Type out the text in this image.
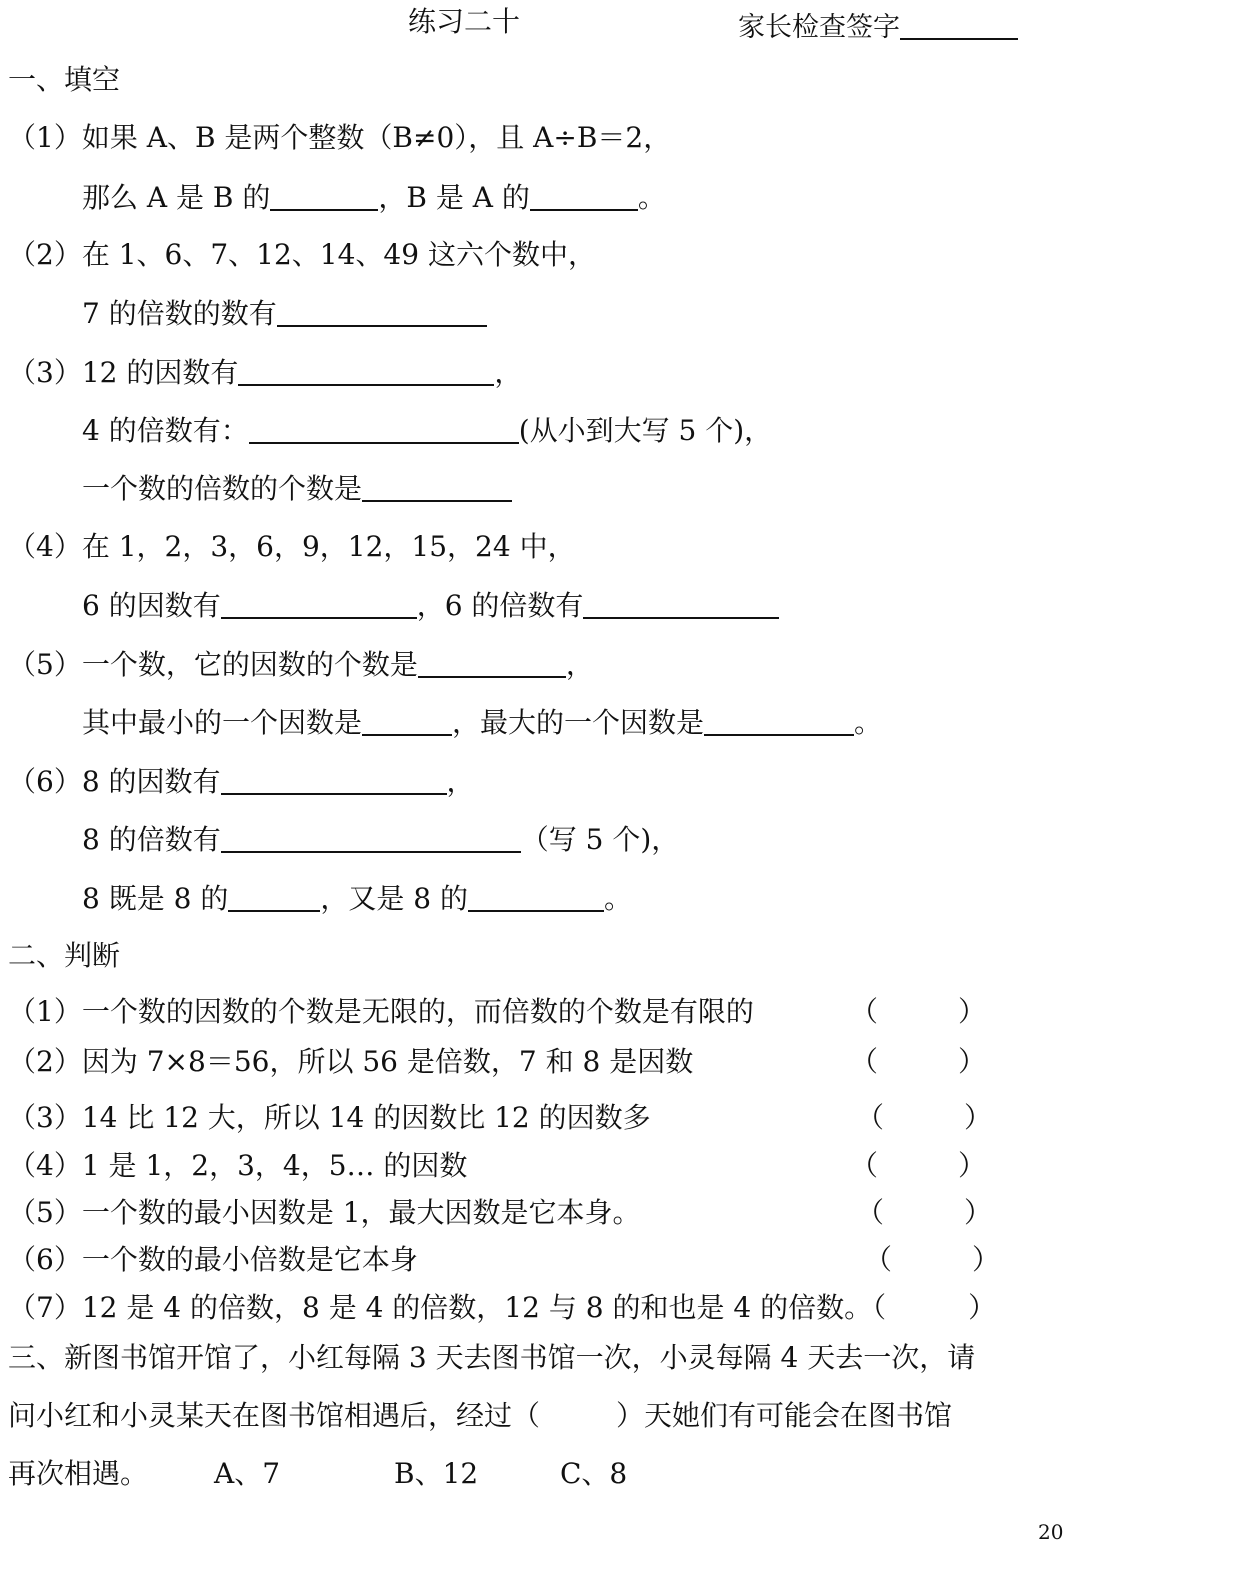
练习二十	家长检查签字
一、填空
（1）如果 A、B 是两个整数（B≠0），且 A÷B＝2，
那么 A 是 B 的	，B 是 A 的	。
（2）在 1、6、7、12、14、49 这六个数中，
7 的倍数的数有
（3）12 的因数有	，
4 的倍数有：	(从小到大写 5 个)，
一个数的倍数的个数是
（4）在 1，2，3，6，9，12，15，24 中，
6 的因数有	，6 的倍数有
（5）一个数，它的因数的个数是	，
其中最小的一个因数是	，最大的一个因数是	。
（6）8 的因数有	，
8 的倍数有	（写 5 个)，
8 既是 8 的	，又是 8 的	。
二、判断
（1）一个数的因数的个数是无限的，而倍数的个数是有限的	（	）
（2）因为 7×8＝56，所以 56 是倍数，7 和 8 是因数	（	）
（3）14 比 12 大，所以 14 的因数比 12 的因数多	（	）
（4）1 是 1，2，3，4，5… 的因数	（	）
（5）一个数的最小因数是 1，最大因数是它本身。	（	）
（6）一个数的最小倍数是它本身	（	）
（7）12 是 4 的倍数，8 是 4 的倍数，12 与 8 的和也是 4 的倍数。（	）
三、新图书馆开馆了，小红每隔 3 天去图书馆一次，小灵每隔 4 天去一次，请
问小红和小灵某天在图书馆相遇后，经过（	）天她们有可能会在图书馆
再次相遇。 A、7	B、12	C、8
20
